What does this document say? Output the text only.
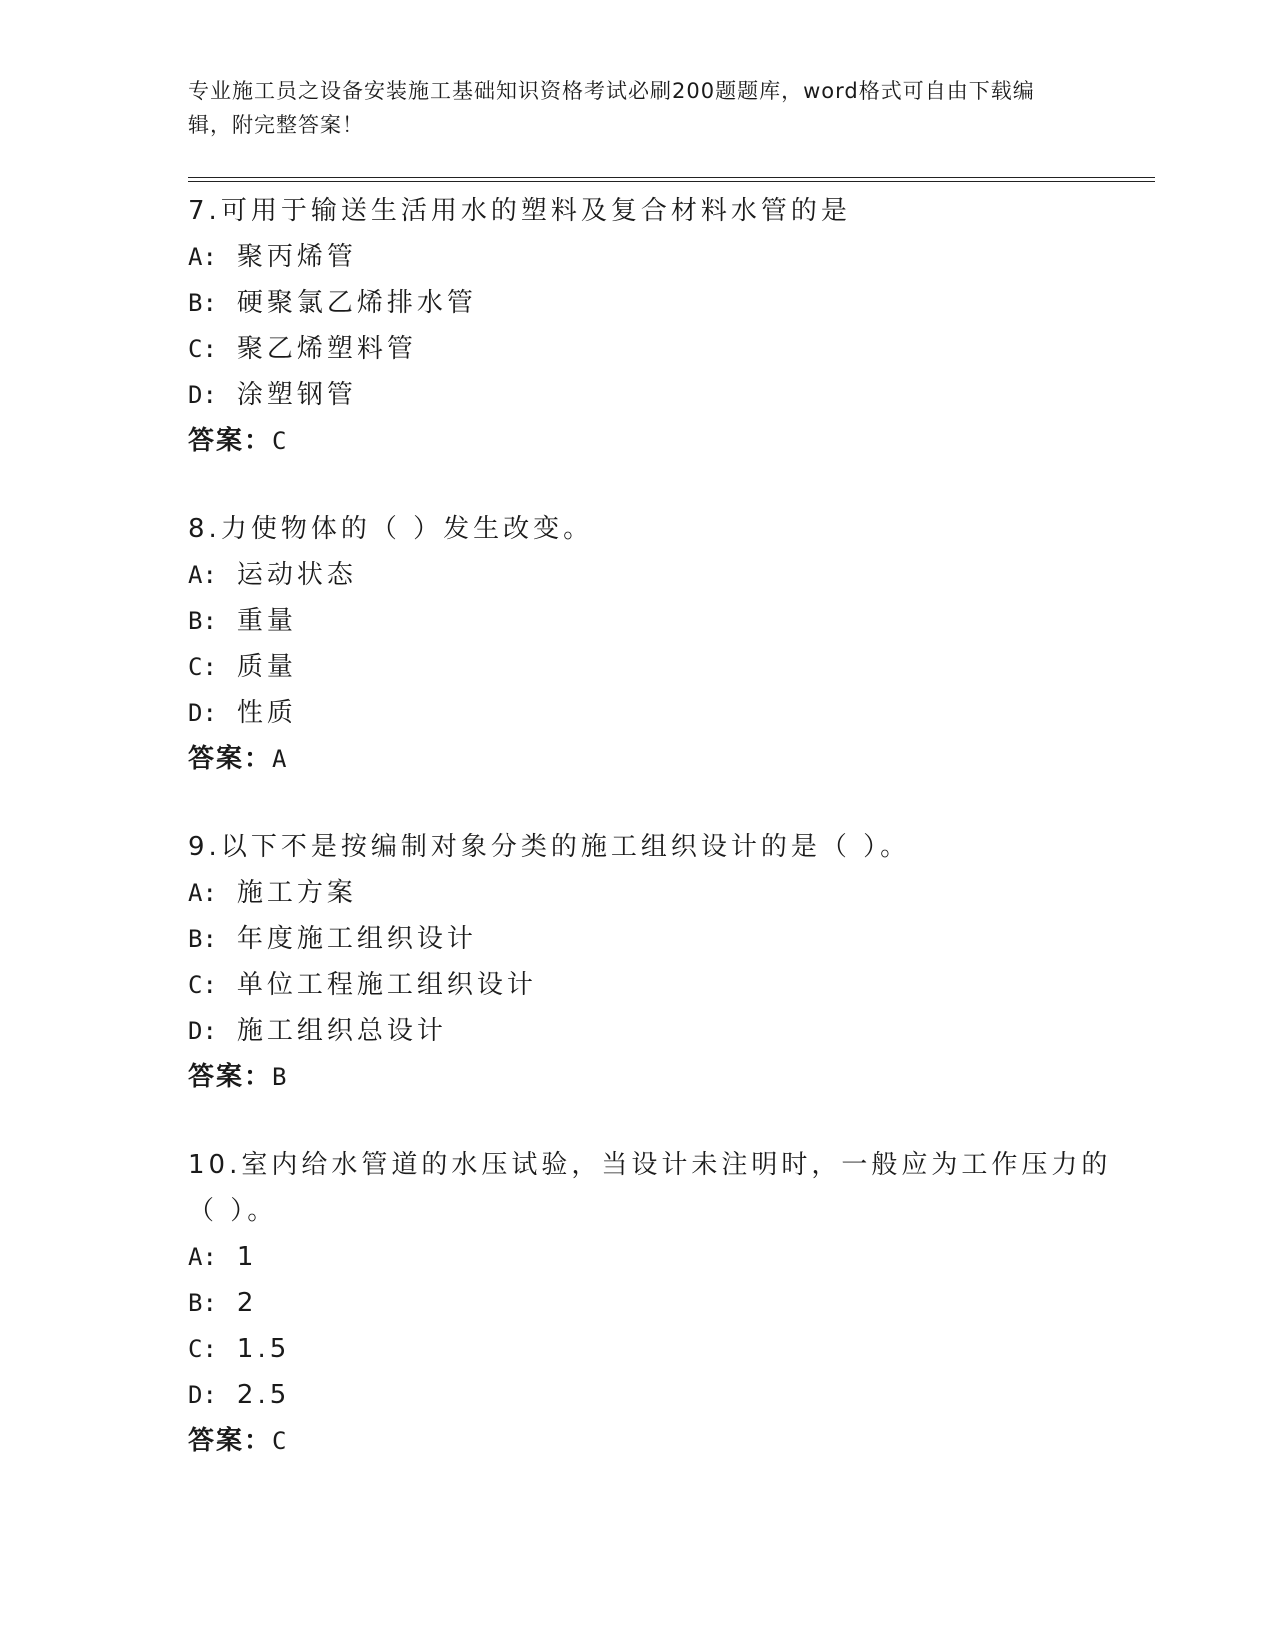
专业施工员之设备安装施工基础知识资格考试必刷200题题库，word格式可自由下载编辑，附完整答案！
7.可用于输送生活用水的塑料及复合材料水管的是
A: 聚丙烯管
B: 硬聚氯乙烯排水管
C: 聚乙烯塑料管
D: 涂塑钢管
答案：C
8.力使物体的（ ）发生改变。
A: 运动状态
B: 重量
C: 质量
D: 性质
答案：A
9.以下不是按编制对象分类的施工组织设计的是（ ）。
A: 施工方案
B: 年度施工组织设计
C: 单位工程施工组织设计
D: 施工组织总设计
答案：B
10.室内给水管道的水压试验，当设计未注明时，一般应为工作压力的（ ）。
A: 1
B: 2
C: 1.5
D: 2.5
答案：C
